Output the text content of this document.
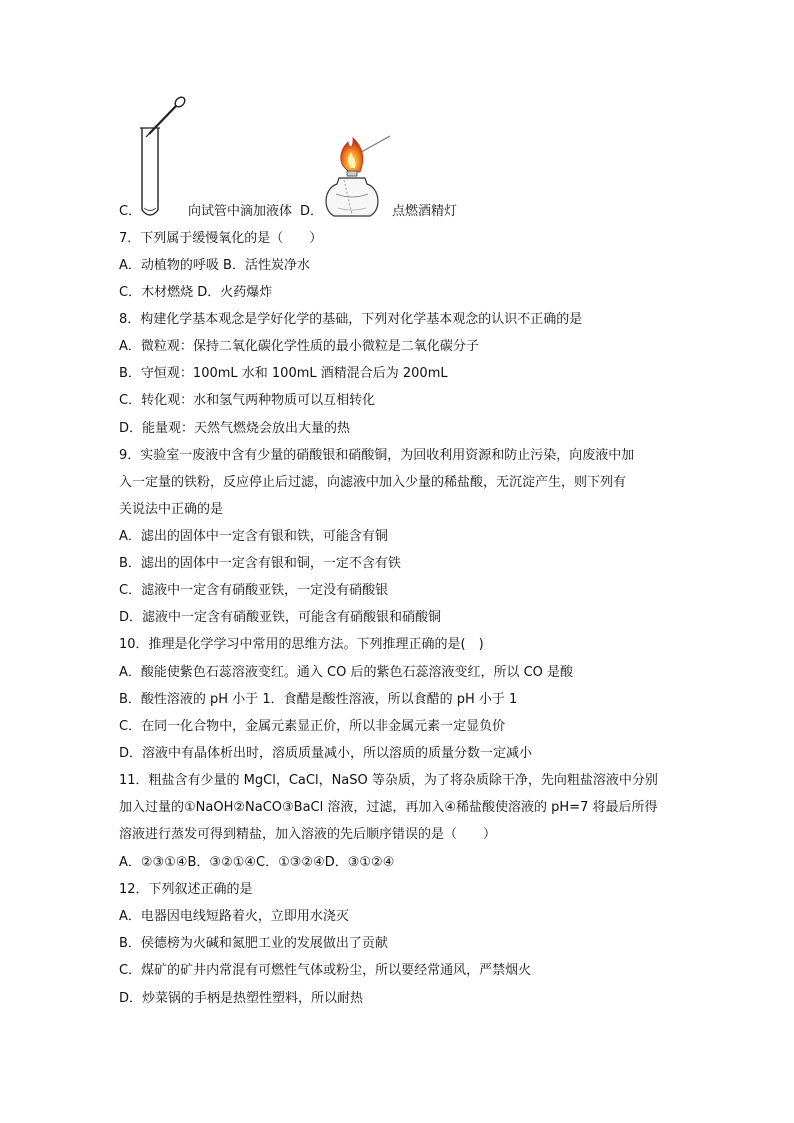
C．	向试管中滴加液体 D．	点燃酒精灯
7．下列属于缓慢氧化的是（　　）
A．动植物的呼吸 B．活性炭净水
C．木材燃烧 D．火药爆炸
8．构建化学基本观念是学好化学的基础，下列对化学基本观念的认识不正确的是
A．微粒观：保持二氧化碳化学性质的最小微粒是二氧化碳分子
B．守恒观：100mL 水和 100mL 酒精混合后为 200mL
C．转化观：水和氢气两种物质可以互相转化
D．能量观：天然气燃烧会放出大量的热
9．实验室一废液中含有少量的硝酸银和硝酸铜，为回收利用资源和防止污染，向废液中加
入一定量的铁粉，反应停止后过滤，向滤液中加入少量的稀盐酸，无沉淀产生，则下列有
关说法中正确的是
A．滤出的固体中一定含有银和铁，可能含有铜
B．滤出的固体中一定含有银和铜，一定不含有铁
C．滤液中一定含有硝酸亚铁，一定没有硝酸银
D．滤液中一定含有硝酸亚铁，可能含有硝酸银和硝酸铜
10．推理是化学学习中常用的思维方法。下列推理正确的是(　)
A．酸能使紫色石蕊溶液变红。通入 CO 后的紫色石蕊溶液变红，所以 CO 是酸
B．酸性溶液的 pH 小于 1．食醋是酸性溶液，所以食醋的 pH 小于 1
C．在同一化合物中，金属元素显正价，所以非金属元素一定显负价
D．溶液中有晶体析出时，溶质质量减小，所以溶质的质量分数一定减小
11．粗盐含有少量的 MgCl，CaCl，NaSO 等杂质，为了将杂质除干净，先向粗盐溶液中分别
加入过量的①NaOH②NaCO③BaCl 溶液，过滤，再加入④稀盐酸使溶液的 pH=7 将最后所得
溶液进行蒸发可得到精盐，加入溶液的先后顺序错误的是（　　）
A．②③①④B．③②①④C．①③②④D．③①②④
12．下列叙述正确的是
A．电器因电线短路着火，立即用水浇灭
B．侯德榜为火碱和氮肥工业的发展做出了贡献
C．煤矿的矿井内常混有可燃性气体或粉尘，所以要经常通风，严禁烟火
D．炒菜锅的手柄是热塑性塑料，所以耐热
